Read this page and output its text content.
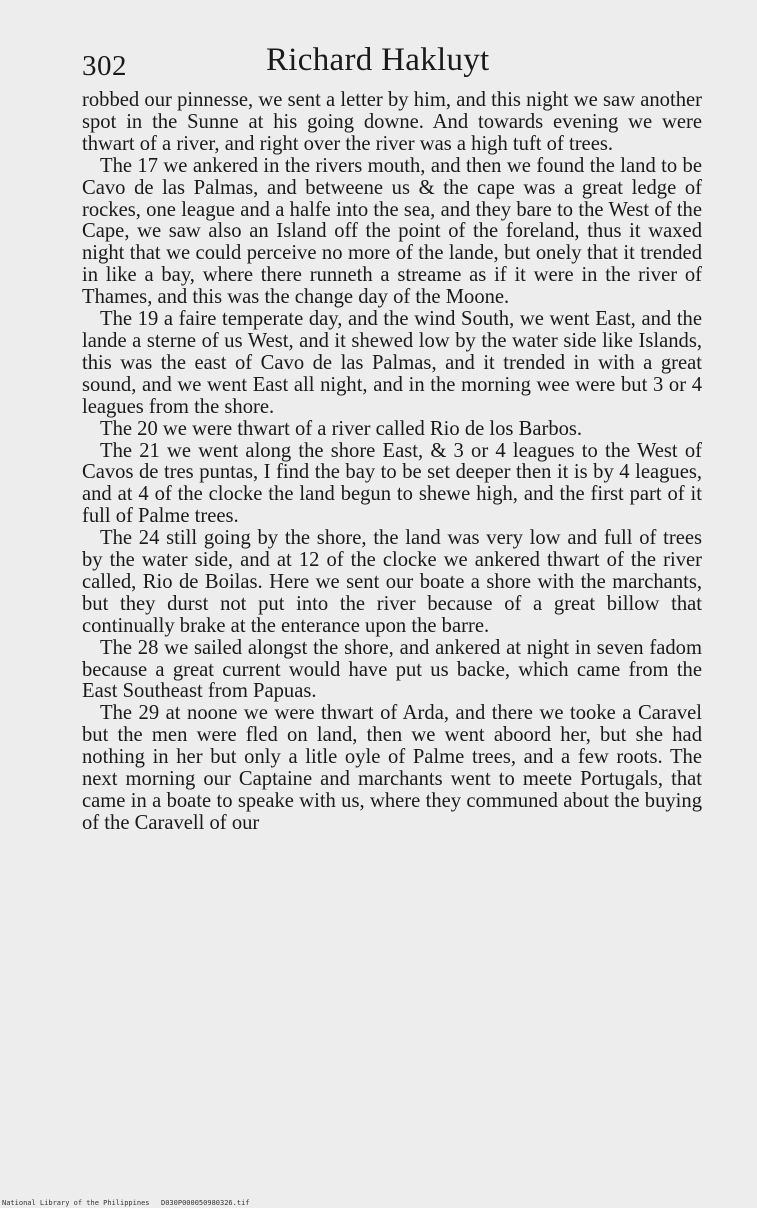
302	Richard Hakluyt

robbed our pinnesse, we sent a letter by him, and this night we saw another spot in the Sunne at his going downe. And towards evening we were thwart of a river, and right over the river was a high tuft of trees.

The 17 we ankered in the rivers mouth, and then we found the land to be Cavo de las Palmas, and betweene us & the cape was a great ledge of rockes, one league and a halfe into the sea, and they bare to the West of the Cape, we saw also an Island off the point of the foreland, thus it waxed night that we could perceive no more of the lande, but onely that it trended in like a bay, where there runneth a streame as if it were in the river of Thames, and this was the change day of the Moone.

The 19 a faire temperate day, and the wind South, we went East, and the lande a sterne of us West, and it shewed low by the water side like Islands, this was the east of Cavo de las Palmas, and it trended in with a great sound, and we went East all night, and in the morning wee were but 3 or 4 leagues from the shore.

The 20 we were thwart of a river called Rio de los Barbos.

The 21 we went along the shore East, & 3 or 4 leagues to the West of Cavos de tres puntas, I find the bay to be set deeper then it is by 4 leagues, and at 4 of the clocke the land begun to shewe high, and the first part of it full of Palme trees.

The 24 still going by the shore, the land was very low and full of trees by the water side, and at 12 of the clocke we ankered thwart of the river called, Rio de Boilas. Here we sent our boate a shore with the marchants, but they durst not put into the river because of a great billow that continually brake at the enterance upon the barre.

The 28 we sailed alongst the shore, and ankered at night in seven fadom because a great current would have put us backe, which came from the East Southeast from Papuas.

The 29 at noone we were thwart of Arda, and there we tooke a Caravel but the men were fled on land, then we went aboord her, but she had nothing in her but only a litle oyle of Palme trees, and a few roots. The next morning our Captaine and marchants went to meete Portugals, that came in a boate to speake with us, where they communed about the buying of the Caravell of our

National Library of the Philippines D030P000050980326.tif
